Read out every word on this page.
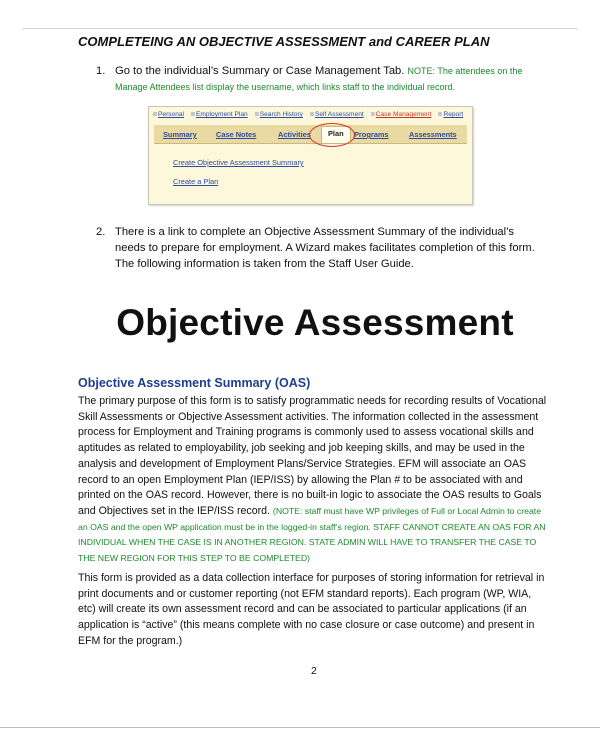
COMPLETEING AN OBJECTIVE ASSESSMENT and CAREER PLAN
1. Go to the individual’s Summary or Case Management Tab. NOTE: The attendees on the Manage Attendees list display the username, which links staff to the individual record.
Personal	Employment Plan	Search History	Self Assessment	Case Management	Report
Summary	Case Notes	Activities	Plan	Programs	Assessments
Create Objective Assessment Summary
Create a Plan
2. There is a link to complete an Objective Assessment Summary of the individual’s needs to prepare for employment. A Wizard makes facilitates completion of this form. The following information is taken from the Staff User Guide.
Objective Assessment
Objective Assessment Summary (OAS)
The primary purpose of this form is to satisfy programmatic needs for recording results of Vocational Skill Assessments or Objective Assessment activities. The information collected in the assessment process for Employment and Training programs is commonly used to assess vocational skills and aptitudes as related to employability, job seeking and job keeping skills, and may be used in the analysis and development of Employment Plans/Service Strategies. EFM will associate an OAS record to an open Employment Plan (IEP/ISS) by allowing the Plan # to be associated with and printed on the OAS record. However, there is no built-in logic to associate the OAS results to Goals and Objectives set in the IEP/ISS record. (NOTE: staff must have WP privileges of Full or Local Admin to create an OAS and the open WP application must be in the logged-in staff’s region. STAFF CANNOT CREATE AN OAS FOR AN INDIVIDUAL WHEN THE CASE IS IN ANOTHER REGION. STATE ADMIN WILL HAVE TO TRANSFER THE CASE TO THE NEW REGION FOR THIS STEP TO BE COMPLETED)
This form is provided as a data collection interface for purposes of storing information for retrieval in print documents and or customer reporting (not EFM standard reports). Each program (WP, WIA, etc) will create its own assessment record and can be associated to particular applications (if an application is “active” (this means complete with no case closure or case outcome) and present in EFM for the program.)
2
